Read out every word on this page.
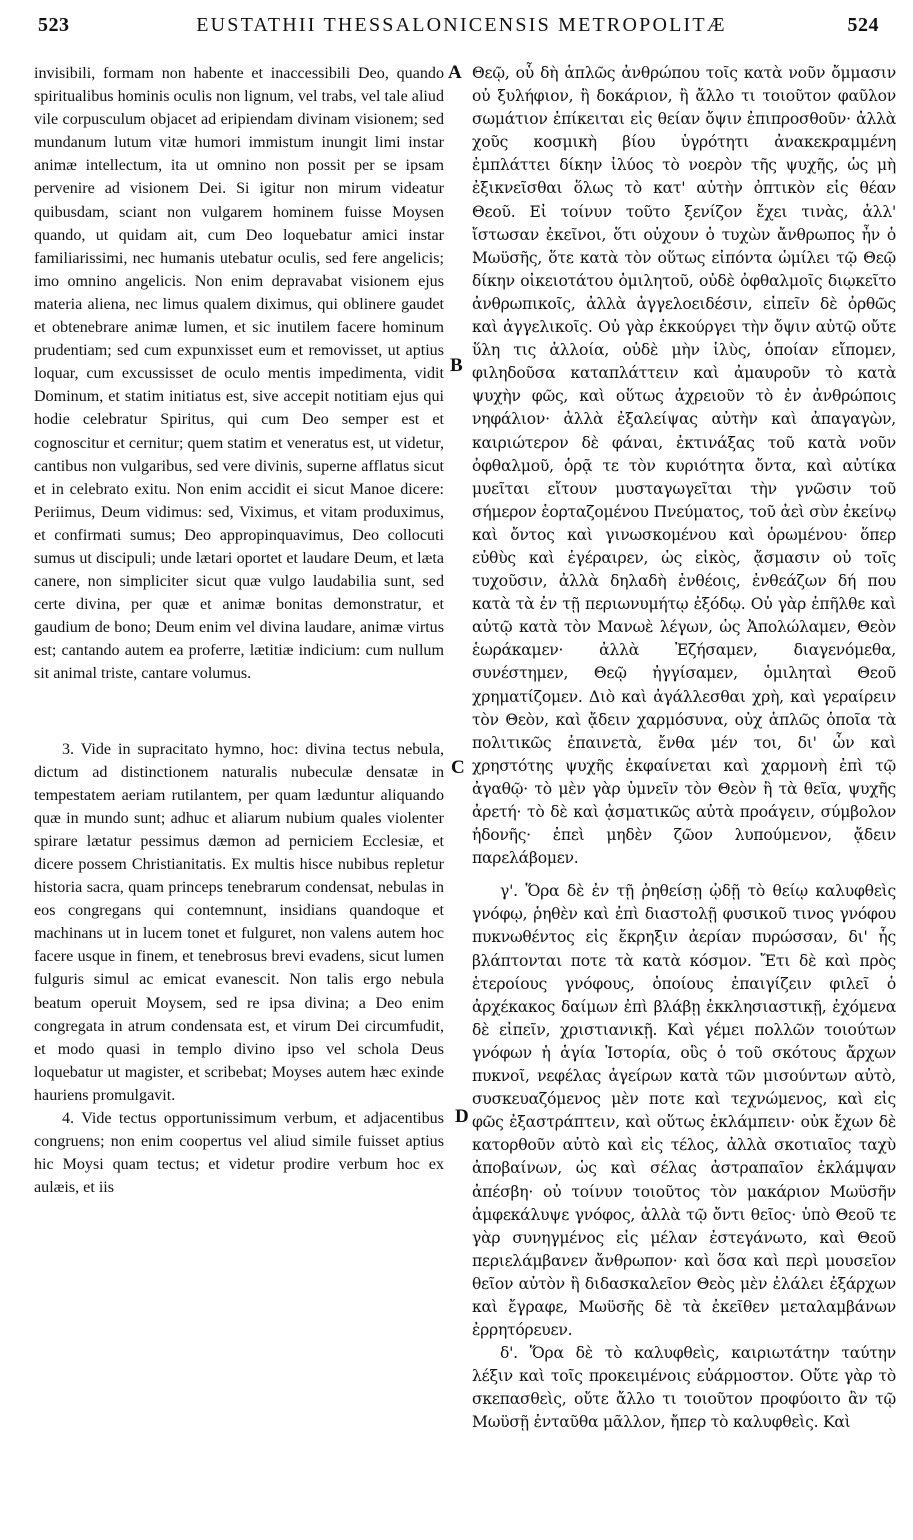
523	EUSTATHII THESSALONICENSIS METROPOLITÆ	524

invisibili, formam non habente et inaccessibili Deo, quando spiritualibus hominis oculis non lignum, vel trabs, vel tale aliud vile corpusculum objacet ad eripiendam divinam visionem; sed mundanum lutum vitæ humori immistum inungit limi instar animæ intellectum, ita ut omnino non possit per se ipsam pervenire ad visionem Dei. Si igitur non mirum videatur quibusdam, sciant non vulgarem hominem fuisse Moysen quando, ut quidam ait, cum Deo loquebatur amici instar familiarissimi, nec humanis utebatur oculis, sed fere angelicis; imo omnino angelicis. Non enim depravabat visionem ejus materia aliena, nec limus qualem diximus, qui oblinere gaudet et obtenebrare animæ lumen, et sic inutilem facere hominum prudentiam; sed cum expunxisset eum et removisset, ut aptius loquar, cum excussisset de oculo mentis impedimenta, vidit Dominum, et statim initiatus est, sive accepit notitiam ejus qui hodie celebratur Spiritus, qui cum Deo semper est et cognoscitur et cernitur; quem statim et veneratus est, ut videtur, cantibus non vulgaribus, sed vere divinis, superne afflatus sicut et in celebrato exitu. Non enim accidit ei sicut Manoe dicere: Periimus, Deum vidimus: sed, Viximus, et vitam produximus, et confirmati sumus; Deo appropinquavimus, Deo collocuti sumus ut discipuli; unde lætari oportet et laudare Deum, et læta canere, non simpliciter sicut quæ vulgo laudabilia sunt, sed certe divina, per quæ et animæ bonitas demonstratur, et gaudium de bono; Deum enim vel divina laudare, animæ virtus est; cantando autem ea proferre, lætitiæ indicium: cum nullum sit animal triste, cantare volumus.

3. Vide in supracitato hymno, hoc: divina tectus nebula, dictum ad distinctionem naturalis nubeculæ densatæ in tempestatem aeriam rutilantem, per quam læduntur aliquando quæ in mundo sunt; adhuc et aliarum nubium quales violenter spirare lætatur pessimus dæmon ad perniciem Ecclesiæ, et dicere possem Christianitatis. Ex multis hisce nubibus repletur historia sacra, quam princeps tenebrarum condensat, nebulas in eos congregans qui contemnunt, insidians quandoque et machinans ut in lucem tonet et fulguret, non valens autem hoc facere usque in finem, et tenebrosus brevi evadens, sicut lumen fulguris simul ac emicat evanescit. Non talis ergo nebula beatum operuit Moysem, sed re ipsa divina; a Deo enim congregata in atrum condensata est, et virum Dei circumfudit, et modo quasi in templo divino ipso vel schola Deus loquebatur ut magister, et scribebat; Moyses autem hæc exinde hauriens promulgavit.

4. Vide tectus opportunissimum verbum, et adjacentibus congruens; non enim coopertus vel aliud simile fuisset aptius hic Moysi quam tectus; et videtur prodire verbum hoc ex aulæis, et iis

A
B
C
D

Θεῷ, οὗ δὴ ἁπλῶς ἀνθρώπου τοῖς κατὰ νοῦν ὄμμασιν οὐ ξυλήφιον, ἢ δοκάριον, ἢ ἄλλο τι τοιοῦτον φαῦλον σωμάτιον ἐπίκειται εἰς θείαν ὄψιν ἐπιπροσθοῦν· ἀλλὰ χοῦς κοσμικὴ βίου ὑγρότητι ἀνακεκραμμένη ἐμπλάττει δίκην ἰλύος τὸ νοερὸν τῆς ψυχῆς, ὡς μὴ ἐξικνεῖσθαι ὅλως τὸ κατ' αὐτὴν ὀπτικὸν εἰς θέαν Θεοῦ. Εἰ τοίνυν τοῦτο ξενίζον ἔχει τινὰς, ἀλλ' ἴστωσαν ἐκεῖνοι, ὅτι οὐχουν ὁ τυχὼν ἄνθρωπος ἦν ὁ Μωϋσῆς, ὅτε κατὰ τὸν οὕτως εἰπόντα ὡμίλει τῷ Θεῷ δίκην οἰκειοτάτου ὁμιλητοῦ, οὐδὲ ὀφθαλμοῖς διῳκεῖτο ἀνθρωπικοῖς, ἀλλὰ ἀγγελοειδέσιν, εἰπεῖν δὲ ὀρθῶς καὶ ἀγγελικοῖς. Οὐ γὰρ ἐκκούργει τὴν ὄψιν αὐτῷ οὔτε ὕλη τις ἀλλοία, οὐδὲ μὴν ἰλὺς, ὁποίαν εἴπομεν, φιληδοῦσα καταπλάττειν καὶ ἀμαυροῦν τὸ κατὰ ψυχὴν φῶς, καὶ οὕτως ἀχρειοῦν τὸ ἐν ἀνθρώποις νηφάλιον· ἀλλὰ ἐξαλείψας αὐτὴν καὶ ἀπαγαγὼν, καιριώτερον δὲ φάναι, ἐκτινάξας τοῦ κατὰ νοῦν ὀφθαλμοῦ, ὁρᾷ τε τὸν κυριότητα ὄντα, καὶ αὐτίκα μυεῖται εἴτουν μυσταγωγεῖται τὴν γνῶσιν τοῦ σήμερον ἑορταζομένου Πνεύματος, τοῦ ἀεὶ σὺν ἐκείνῳ καὶ ὄντος καὶ γινωσκομένου καὶ ὁρωμένου· ὅπερ εὐθὺς καὶ ἐγέραιρεν, ὡς εἰκὸς, ᾄσμασιν οὐ τοῖς τυχοῦσιν, ἀλλὰ δηλαδὴ ἐνθέοις, ἐνθεάζων δή που κατὰ τὰ ἐν τῇ περιωνυμήτῳ ἐξόδῳ. Οὐ γὰρ ἐπῆλθε καὶ αὐτῷ κατὰ τὸν Μανωὲ λέγων, ὡς Ἀπολώλαμεν, Θεὸν ἑωράκαμεν· ἀλλὰ Ἐζήσαμεν, διαγενόμεθα, συνέστημεν, Θεῷ ἠγγίσαμεν, ὁμιληταὶ Θεοῦ χρηματίζομεν. Διὸ καὶ ἀγάλλεσθαι χρὴ, καὶ γεραίρειν τὸν Θεὸν, καὶ ᾄδειν χαρμόσυνα, οὐχ ἁπλῶς ὁποῖα τὰ πολιτικῶς ἐπαινετὰ, ἔνθα μέν τοι, δι' ὧν καὶ χρηστότης ψυχῆς ἐκφαίνεται καὶ χαρμονὴ ἐπὶ τῷ ἀγαθῷ· τὸ μὲν γὰρ ὑμνεῖν τὸν Θεὸν ἢ τὰ θεῖα, ψυχῆς ἀρετή· τὸ δὲ καὶ ᾀσματικῶς αὐτὰ προάγειν, σύμβολον ἡδονῆς· ἐπεὶ μηδὲν ζῶον λυπούμενον, ᾄδειν παρελάβομεν.

γ'. Ὅρα δὲ ἐν τῇ ῥηθείσῃ ᾠδῇ τὸ θείῳ καλυφθεὶς γνόφῳ, ῥηθὲν καὶ ἐπὶ διαστολῇ φυσικοῦ τινος γνόφου πυκνωθέντος εἰς ἔκρηξιν ἀερίαν πυρώσσαν, δι' ἧς βλάπτονται ποτε τὰ κατὰ κόσμον. Ἔτι δὲ καὶ πρὸς ἑτεροίους γνόφους, ὁποίους ἐπαιγίζειν φιλεῖ ὁ ἀρχέκακος δαίμων ἐπὶ βλάβῃ ἐκκλησιαστικῇ, ἐχόμενα δὲ εἰπεῖν, χριστιανικῇ. Καὶ γέμει πολλῶν τοιούτων γνόφων ἡ ἁγία Ἱστορία, οὓς ὁ τοῦ σκότους ἄρχων πυκνοῖ, νεφέλας ἀγείρων κατὰ τῶν μισούντων αὐτὸ, συσκευαζόμενος μὲν ποτε καὶ τεχνώμενος, καὶ εἰς φῶς ἐξαστράπτειν, καὶ οὕτως ἐκλάμπειν· οὐκ ἔχων δὲ κατορθοῦν αὐτὸ καὶ εἰς τέλος, ἀλλὰ σκοτιαῖος ταχὺ ἀποβαίνων, ὡς καὶ σέλας ἀστραπαῖον ἐκλάμψαν ἀπέσβη· οὐ τοίνυν τοιοῦτος τὸν μακάριον Μωϋσῆν ἀμφεκάλυψε γνόφος, ἀλλὰ τῷ ὄντι θεῖος· ὑπὸ Θεοῦ τε γὰρ συνηγμένος εἰς μέλαν ἐστεγάνωτο, καὶ Θεοῦ περιελάμβανεν ἄνθρωπον· καὶ ὅσα καὶ περὶ μουσεῖον θεῖον αὐτὸν ἢ διδασκαλεῖον Θεὸς μὲν ἐλάλει ἐξάρχων καὶ ἔγραφε, Μωϋσῆς δὲ τὰ ἐκεῖθεν μεταλαμβάνων ἐρρητόρευεν.

δ'. Ὅρα δὲ τὸ καλυφθεὶς, καιριωτάτην ταύτην λέξιν καὶ τοῖς προκειμένοις εὐάρμοστον. Οὔτε γὰρ τὸ σκεπασθεὶς, οὔτε ἄλλο τι τοιοῦτον προφύοιτο ἂν τῷ Μωϋσῇ ἐνταῦθα μᾶλλον, ἤπερ τὸ καλυφθεὶς. Καὶ
